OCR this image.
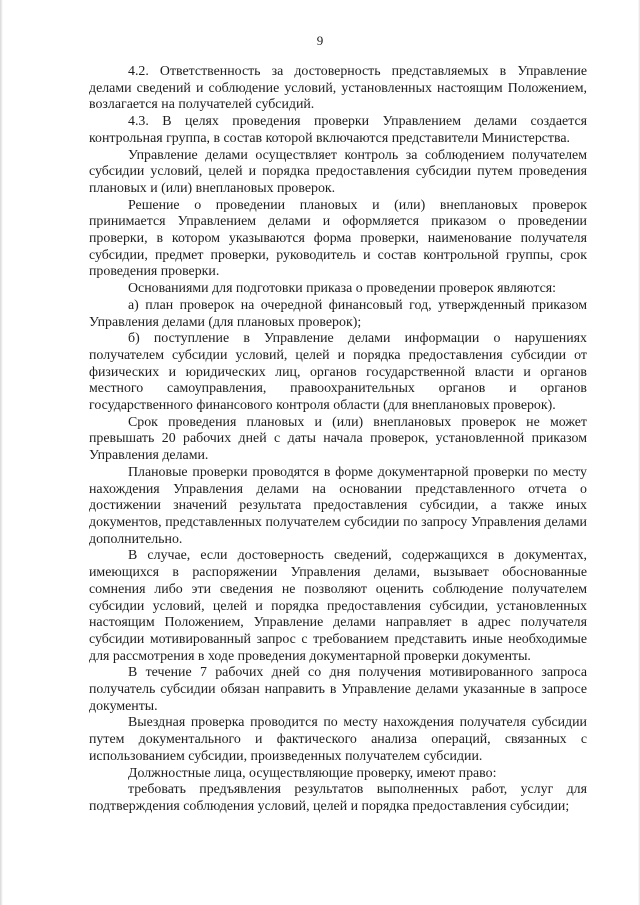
9

4.2. Ответственность за достоверность представляемых в Управление делами сведений и соблюдение условий, установленных настоящим Положением, возлагается на получателей субсидий.

4.3. В целях проведения проверки Управлением делами создается контрольная группа, в состав которой включаются представители Министерства.

Управление делами осуществляет контроль за соблюдением получателем субсидии условий, целей и порядка предоставления субсидии путем проведения плановых и (или) внеплановых проверок.

Решение о проведении плановых и (или) внеплановых проверок принимается Управлением делами и оформляется приказом о проведении проверки, в котором указываются форма проверки, наименование получателя субсидии, предмет проверки, руководитель и состав контрольной группы, срок проведения проверки.

Основаниями для подготовки приказа о проведении проверок являются:

а) план проверок на очередной финансовый год, утвержденный приказом Управления делами (для плановых проверок);

б) поступление в Управление делами информации о нарушениях получателем субсидии условий, целей и порядка предоставления субсидии от физических и юридических лиц, органов государственной власти и органов местного самоуправления, правоохранительных органов и органов государственного финансового контроля области (для внеплановых проверок).

Срок проведения плановых и (или) внеплановых проверок не может превышать 20 рабочих дней с даты начала проверок, установленной приказом Управления делами.

Плановые проверки проводятся в форме документарной проверки по месту нахождения Управления делами на основании представленного отчета о достижении значений результата предоставления субсидии, а также иных документов, представленных получателем субсидии по запросу Управления делами дополнительно.

В случае, если достоверность сведений, содержащихся в документах, имеющихся в распоряжении Управления делами, вызывает обоснованные сомнения либо эти сведения не позволяют оценить соблюдение получателем субсидии условий, целей и порядка предоставления субсидии, установленных настоящим Положением, Управление делами направляет в адрес получателя субсидии мотивированный запрос с требованием представить иные необходимые для рассмотрения в ходе проведения документарной проверки документы.

В течение 7 рабочих дней со дня получения мотивированного запроса получатель субсидии обязан направить в Управление делами указанные в запросе документы.

Выездная проверка проводится по месту нахождения получателя субсидии путем документального и фактического анализа операций, связанных с использованием субсидии, произведенных получателем субсидии.

Должностные лица, осуществляющие проверку, имеют право:

требовать предъявления результатов выполненных работ, услуг для подтверждения соблюдения условий, целей и порядка предоставления субсидии;
